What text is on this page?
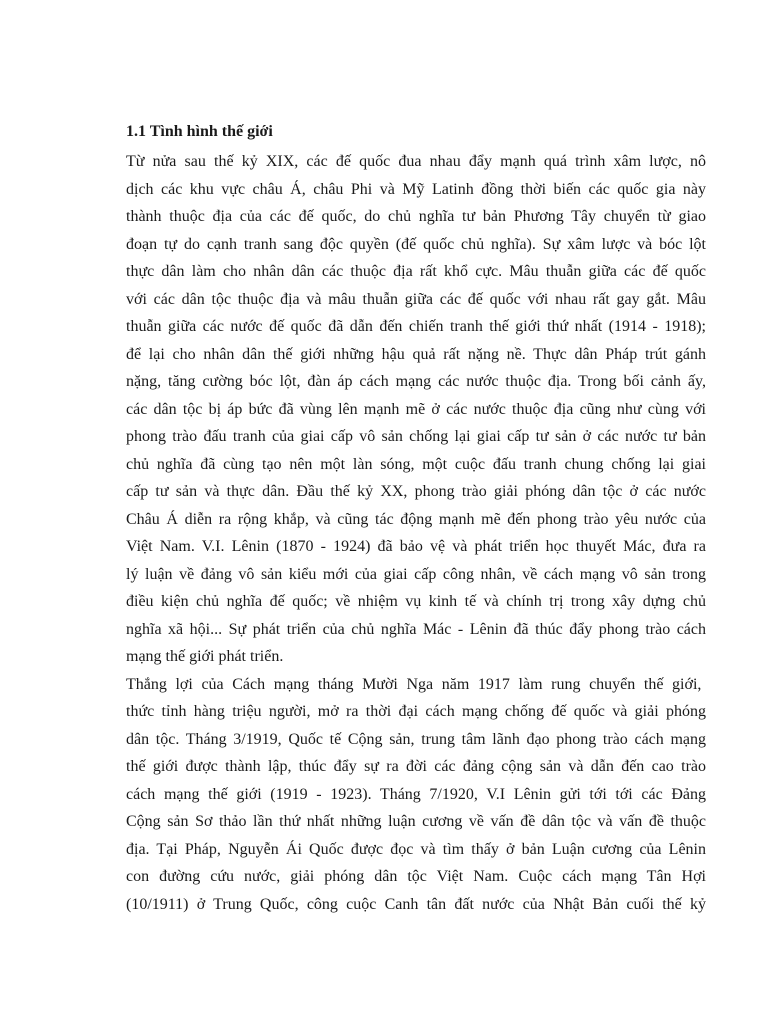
1.1 Tình hình thế giới
Từ nửa sau thế kỷ XIX, các đế quốc đua nhau đẩy mạnh quá trình xâm lược, nô
dịch các khu vực châu Á, châu Phi và Mỹ Latinh đồng thời biến các quốc gia này
thành thuộc địa của các đế quốc, do chủ nghĩa tư bản Phương Tây chuyển từ giao
đoạn tự do cạnh tranh sang độc quyền (đế quốc chủ nghĩa). Sự xâm lược và bóc lột
thực dân làm cho nhân dân các thuộc địa rất khổ cực. Mâu thuẫn giữa các đế quốc
với các dân tộc thuộc địa và mâu thuẫn giữa các đế quốc với nhau rất gay gắt. Mâu
thuẫn giữa các nước đế quốc đã dẫn đến chiến tranh thế giới thứ nhất (1914 - 1918);
để lại cho nhân dân thế giới những hậu quả rất nặng nề. Thực dân Pháp trút gánh
nặng, tăng cường bóc lột, đàn áp cách mạng các nước thuộc địa. Trong bối cảnh ấy,
các dân tộc bị áp bức đã vùng lên mạnh mẽ ở các nước thuộc địa cũng như cùng với
phong trào đấu tranh của giai cấp vô sản chống lại giai cấp tư sản ở các nước tư bản
chủ nghĩa đã cùng tạo nên một làn sóng, một cuộc đấu tranh chung chống lại giai
cấp tư sản và thực dân. Đầu thế kỷ XX, phong trào giải phóng dân tộc ở các nước
Châu Á diễn ra rộng khắp, và cũng tác động mạnh mẽ đến phong trào yêu nước của
Việt Nam. V.I. Lênin (1870 - 1924) đã bảo vệ và phát triển học thuyết Mác, đưa ra
lý luận về đảng vô sản kiểu mới của giai cấp công nhân, về cách mạng vô sản trong
điều kiện chủ nghĩa đế quốc; về nhiệm vụ kinh tế và chính trị trong xây dựng chủ
nghĩa xã hội... Sự phát triển của chủ nghĩa Mác - Lênin đã thúc đẩy phong trào cách
mạng thế giới phát triển.
Thắng lợi của Cách mạng tháng Mười Nga năm 1917 làm rung chuyển thế giới,
thức tỉnh hàng triệu người, mở ra thời đại cách mạng chống đế quốc và giải phóng
dân tộc. Tháng 3/1919, Quốc tế Cộng sản, trung tâm lãnh đạo phong trào cách mạng
thế giới được thành lập, thúc đẩy sự ra đời các đảng cộng sản và dẫn đến cao trào
cách mạng thế giới (1919 - 1923). Tháng 7/1920, V.I Lênin gửi tới tới các Đảng
Cộng sản Sơ thảo lần thứ nhất những luận cương về vấn đề dân tộc và vấn đề thuộc
địa. Tại Pháp, Nguyễn Ái Quốc được đọc và tìm thấy ở bản Luận cương của Lênin
con đường cứu nước, giải phóng dân tộc Việt Nam. Cuộc cách mạng Tân Hợi
(10/1911) ở Trung Quốc, công cuộc Canh tân đất nước của Nhật Bản cuối thế kỷ
